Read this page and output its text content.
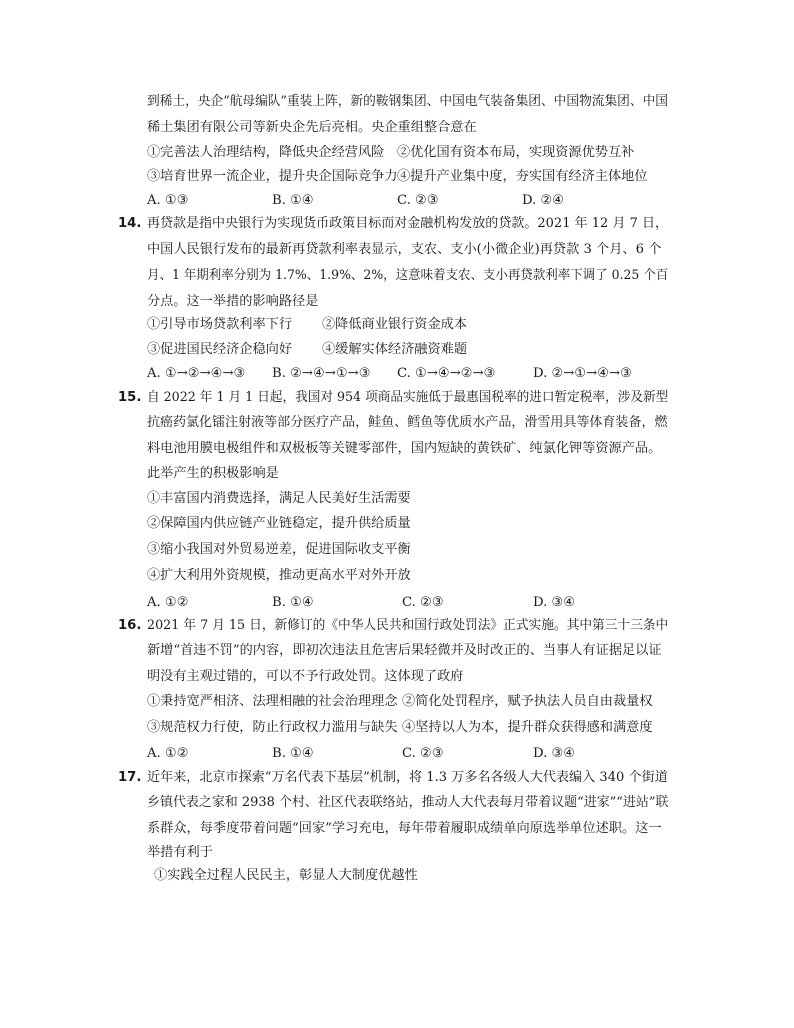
到稀土，央企“航母编队”重装上阵，新的鞍钢集团、中国电气装备集团、中国物流集团、中国
稀土集团有限公司等新央企先后亮相。央企重组整合意在
①完善法人治理结构，降低央企经营风险 ②优化国有资本布局，实现资源优势互补
③培育世界一流企业，提升央企国际竞争力 ④提升产业集中度，夯实国有经济主体地位
A. ①③	B. ①④	C. ②③	D. ②④
14. 再贷款是指中央银行为实现货币政策目标而对金融机构发放的贷款。2021 年 12 月 7 日，
中国人民银行发布的最新再贷款利率表显示，支农、支小(小微企业)再贷款 3 个月、6 个
月、1 年期利率分别为 1.7%、1.9%、2%，这意味着支农、支小再贷款利率下调了 0.25 个百
分点。这一举措的影响路径是
①引导市场贷款利率下行 ②降低商业银行资金成本
③促进国民经济企稳向好 ④缓解实体经济融资难题
A. ①→②→④→③ B. ②→④→①→③ C. ①→④→②→③	D. ②→①→④→③
15. 自 2022 年 1 月 1 日起，我国对 954 项商品实施低于最惠国税率的进口暂定税率，涉及新型
抗癌药氯化镭注射液等部分医疗产品，鲑鱼、鳕鱼等优质水产品，滑雪用具等体育装备，燃
料电池用膜电极组件和双极板等关键零部件，国内短缺的黄铁矿、纯氯化钾等资源产品。
此举产生的积极影响是
①丰富国内消费选择，满足人民美好生活需要
②保障国内供应链产业链稳定，提升供给质量
③缩小我国对外贸易逆差，促进国际收支平衡
④扩大利用外资规模，推动更高水平对外开放
A. ①②	B. ①④	C. ②③	D. ③④
16. 2021 年 7 月 15 日，新修订的《中华人民共和国行政处罚法》正式实施。其中第三十三条中
新增“首违不罚”的内容，即初次违法且危害后果轻微并及时改正的、当事人有证据足以证
明没有主观过错的，可以不予行政处罚。这体现了政府
①秉持宽严相济、法理相融的社会治理理念 ②简化处罚程序，赋予执法人员自由裁量权
③规范权力行使，防止行政权力滥用与缺失 ④坚持以人为本，提升群众获得感和满意度
A. ①②	B. ①④	C. ②③	D. ③④
17. 近年来，北京市探索“万名代表下基层”机制，将 1.3 万多名各级人大代表编入 340 个街道
乡镇代表之家和 2938 个村、社区代表联络站，推动人大代表每月带着议题“进家”“进站”联
系群众，每季度带着问题“回家”学习充电，每年带着履职成绩单向原选举单位述职。这一
举措有利于
①实践全过程人民民主，彰显人大制度优越性
